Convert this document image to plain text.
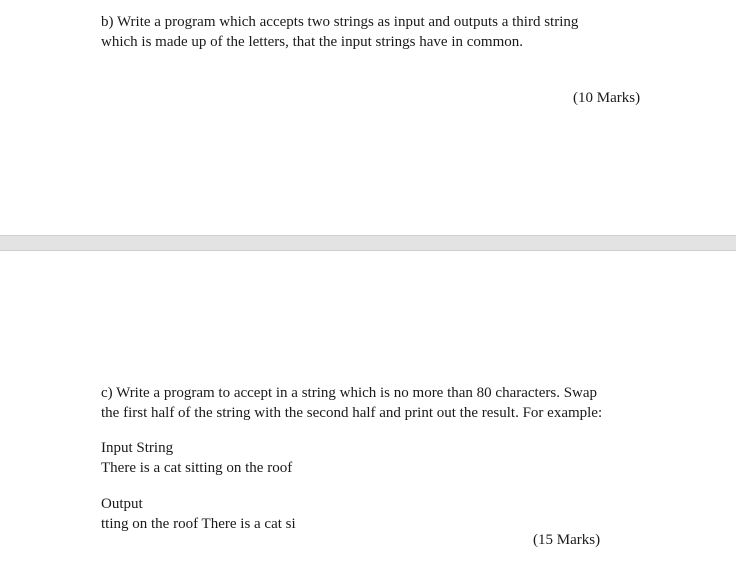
b) Write a program which accepts two strings as input and outputs a third string
which is made up of the letters, that the input strings have in common.

(10 Marks)

c) Write a program to accept in a string which is no more than 80 characters. Swap
the first half of the string with the second half and print out the result. For example:

Input String
There is a cat sitting on the roof

Output
tting on the roof There is a cat si

(15 Marks)
